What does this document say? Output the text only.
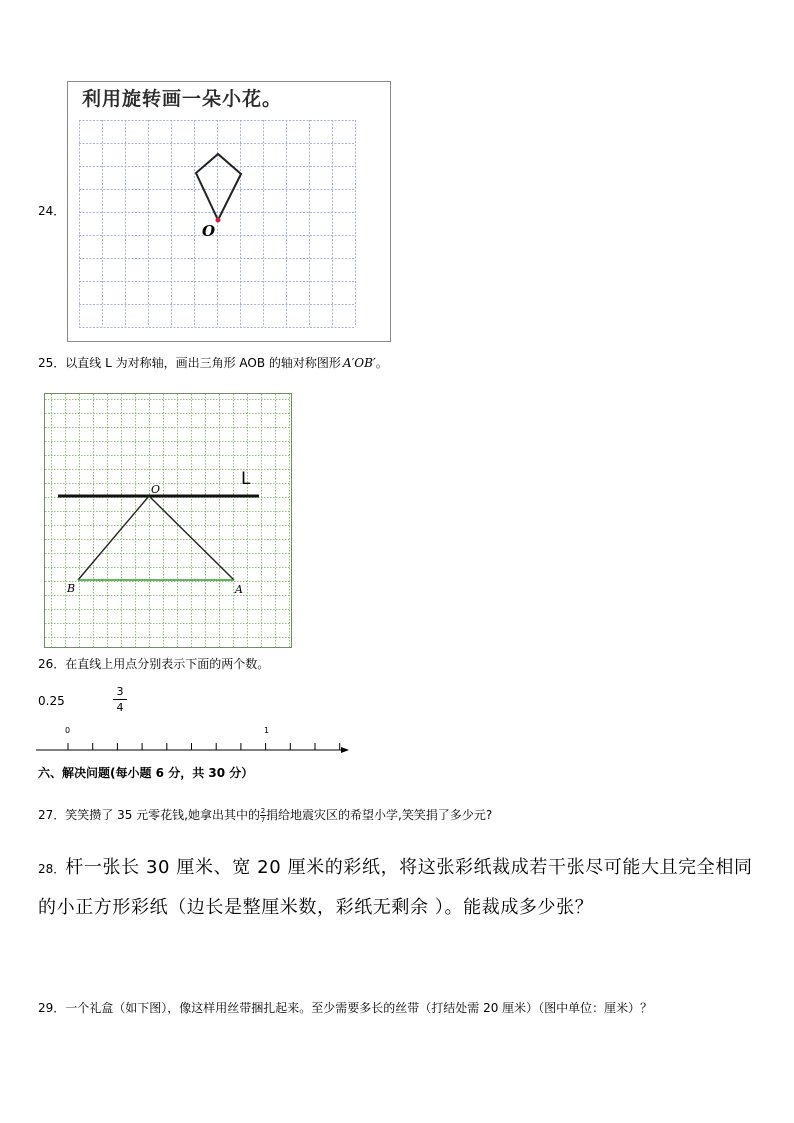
24．
利用旋转画一朵小花。
O
25．以直线 L 为对称轴，画出三角形 AOB 的轴对称图形 A′OB′。
L
O
B	A
26．在直线上用点分别表示下面的两个数。
0.25
3
4
0	1
六、解决问题(每小题 6 分，共 30 分）
27．笑笑攒了 35 元零花钱,她拿出其中的 $\frac{2}{7}$ 捐给地震灾区的希望小学,笑笑捐了多少元?
28．杆一张长 30 厘米、宽 20 厘米的彩纸，将这张彩纸裁成若干张尽可能大且完全相同
的小正方形彩纸（边长是整厘米数，彩纸无剩余 ）。能裁成多少张？
29．一个礼盒（如下图），像这样用丝带捆扎起来。至少需要多长的丝带（打结处需 20 厘米）（图中单位：厘米）？
